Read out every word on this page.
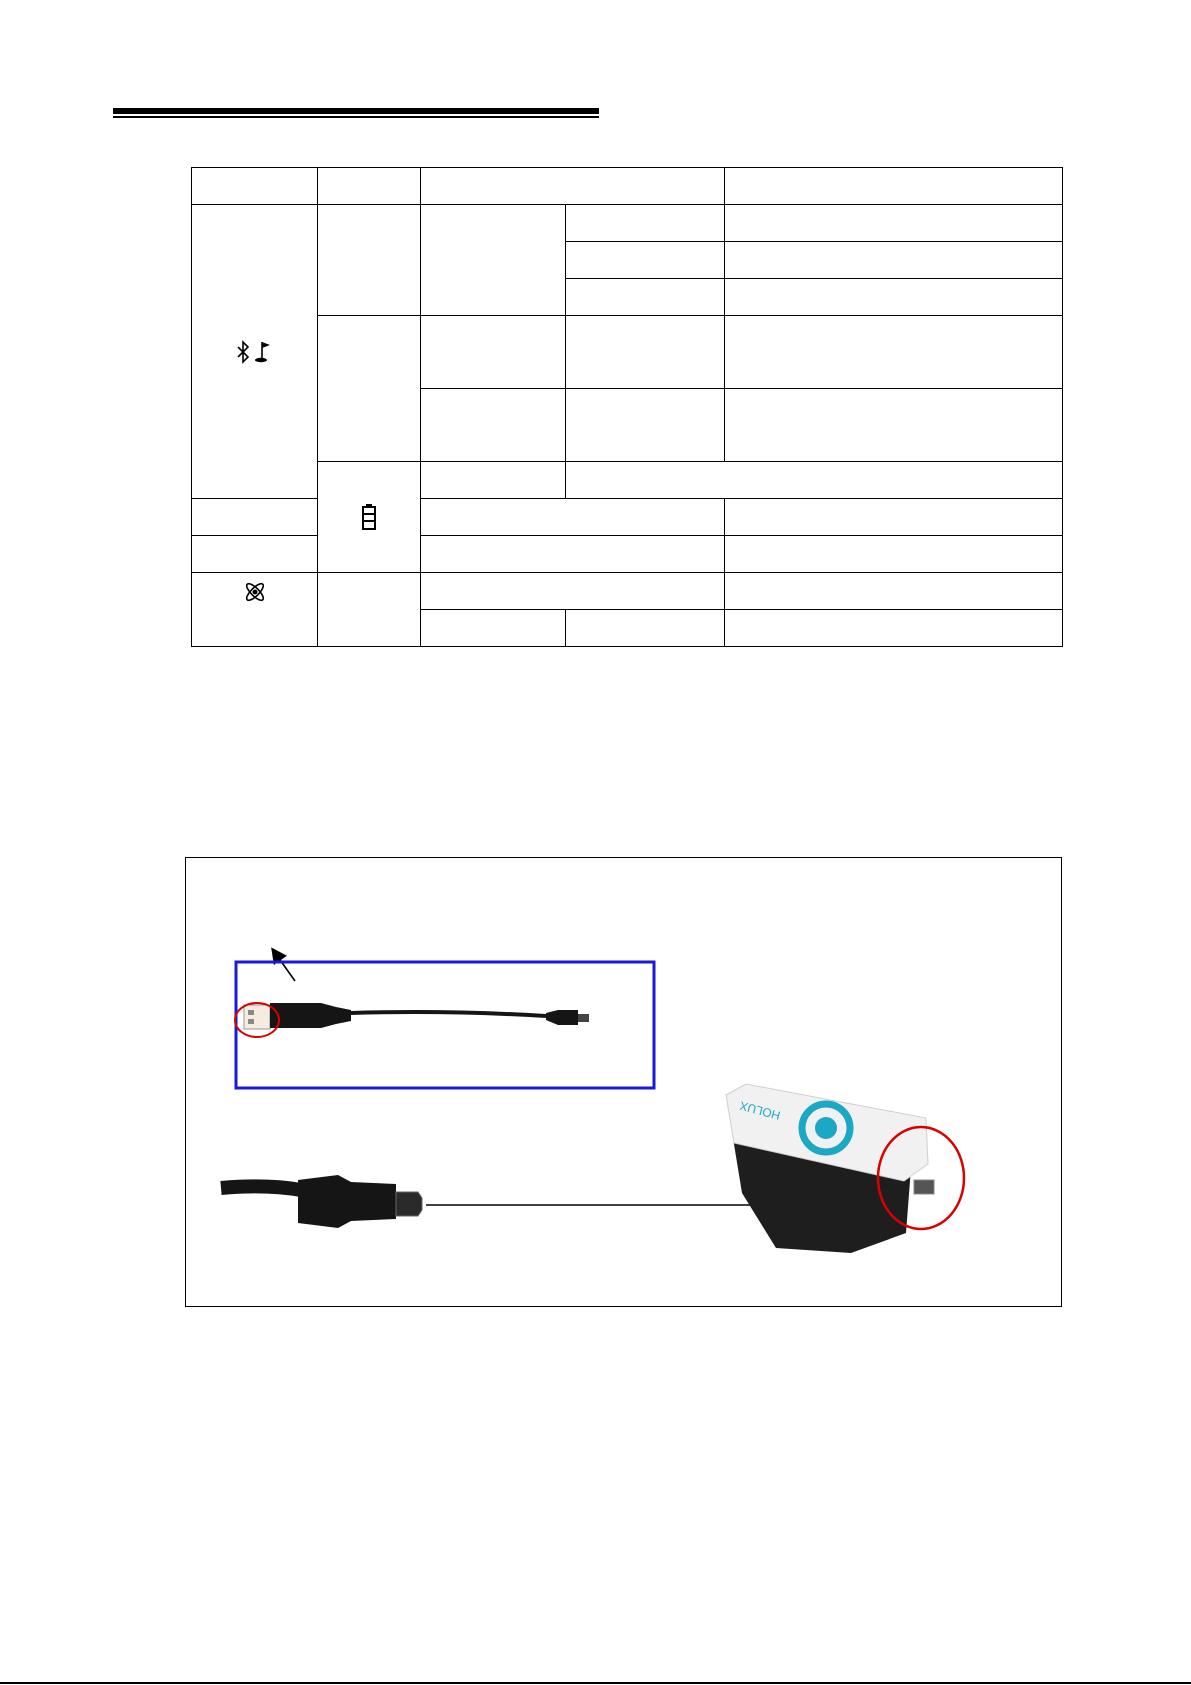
HOLUX
